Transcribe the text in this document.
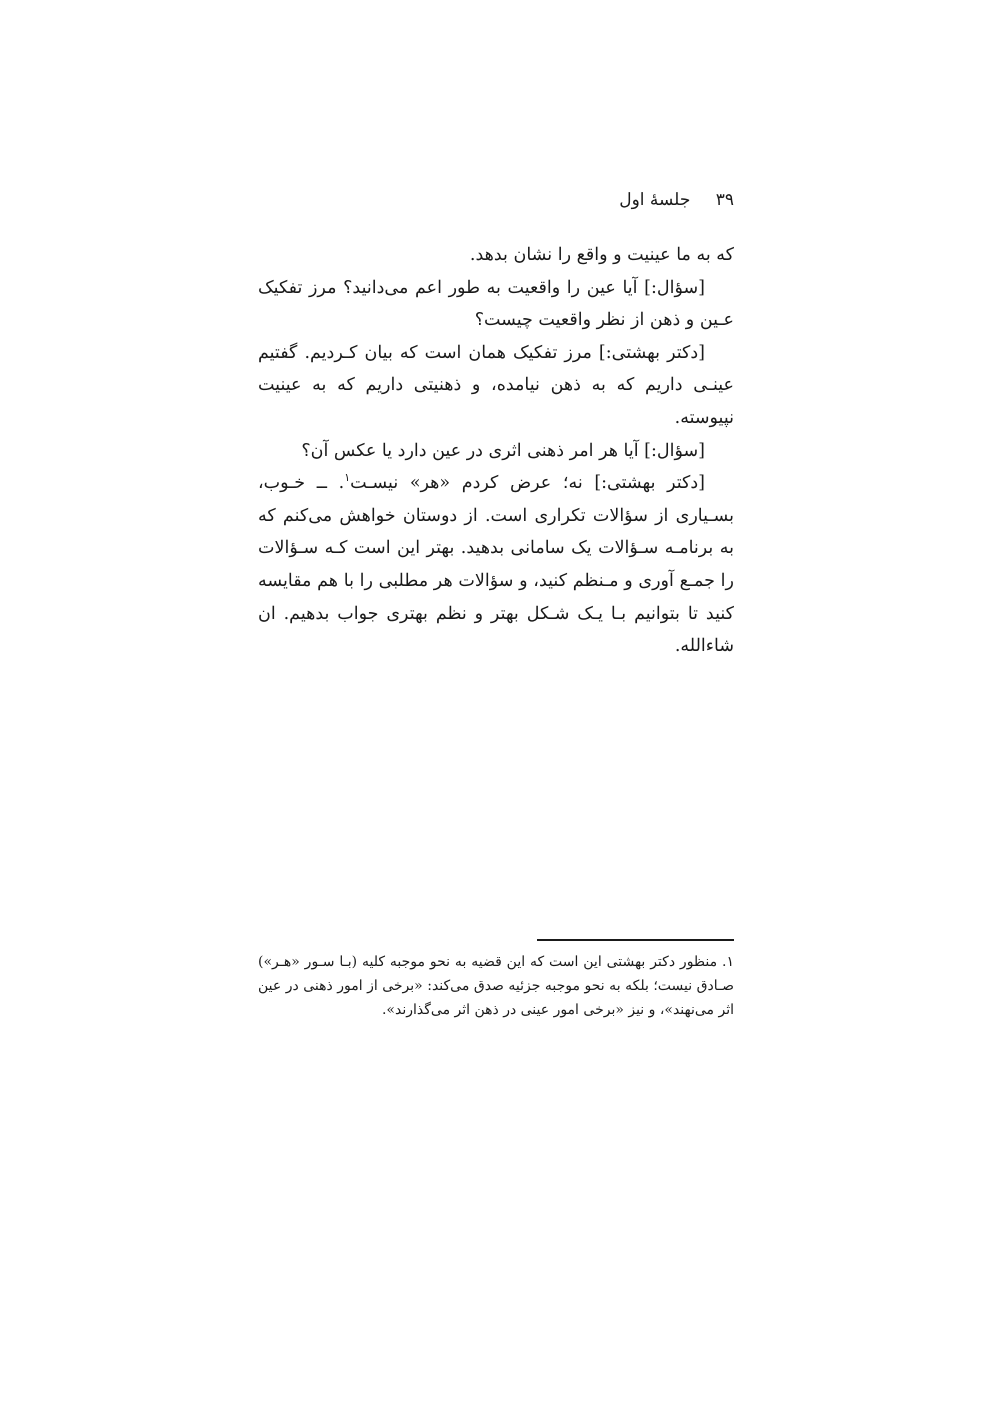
۳۹ جلسهٔ اول

که به ما عینیت و واقع را نشان بدهد.

[سؤال:] آیا عین را واقعیت به طور اعم می‌دانید؟ مرز تفکیک عـین و ذهن از نظر واقعیت چیست؟

[دکتر بهشتی:] مرز تفکیک همان است که بیان کـردیم. گفتیم عینـی داریم که به ذهن نیامده، و ذهنیتی داریم که به عینیت نپیوسته.

[سؤال:] آیا هر امر ذهنی اثری در عین دارد یا عکس آن؟

[دکتر بهشتی:] نه؛ عرض کردم «هر» نیسـت$^۱$. ــ خـوب، بسـیاری از سؤالات تکراری است. از دوستان خواهش می‌کنم که به برنامـه سـؤالات یک سامانی بدهید. بهتر این است کـه سـؤالات را جمـع آوری و مـنظم کنید، و سؤالات هر مطلبی را با هم مقایسه کنید تا بتوانیم بـا یـک شـکل بهتر و نظم بهتری جواب بدهیم. ان شاءالله.

۱. منظور دکتر بهشتی این است که این قضیه به نحو موجبه کلیه (بـا سـور «هـر») صـادق نیست؛ بلکه به نحو موجبه جزئیه صدق می‌کند: «برخی از امور ذهنی در عین اثر می‌نهند»، و نیز «برخی امور عینی در ذهن اثر می‌گذارند».
